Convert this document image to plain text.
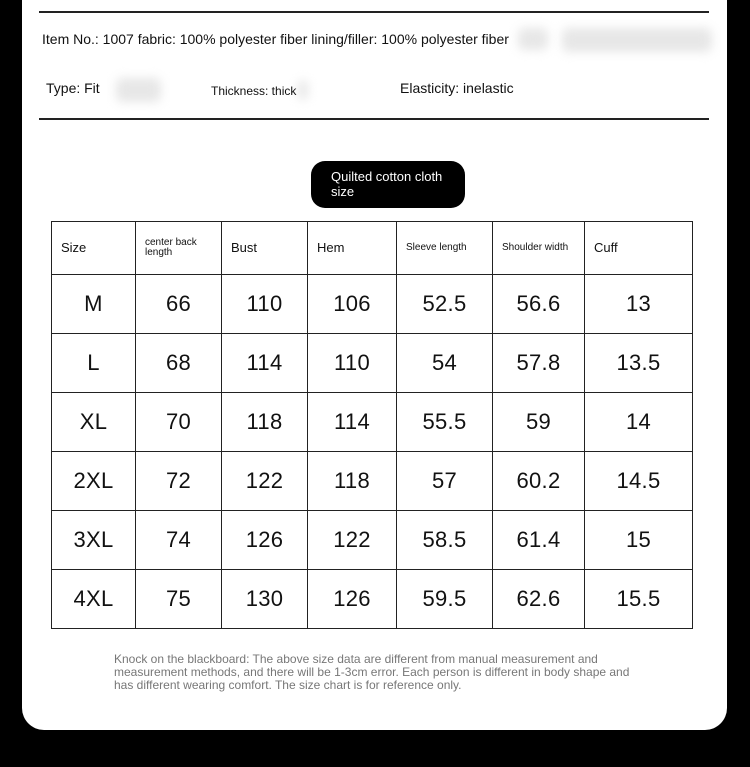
Item No.: 1007 fabric: 100% polyester fiber lining/filler: 100% polyester fiber
Type: Fit	Thickness: thick	Elasticity: inelastic
Quilted cotton cloth size
Size	center back length	Bust	Hem	Sleeve length	Shoulder width	Cuff
M	66	110	106	52.5	56.6	13
L	68	114	110	54	57.8	13.5
XL	70	118	114	55.5	59	14
2XL	72	122	118	57	60.2	14.5
3XL	74	126	122	58.5	61.4	15
4XL	75	130	126	59.5	62.6	15.5
Knock on the blackboard: The above size data are different from manual measurement and measurement methods, and there will be 1-3cm error. Each person is different in body shape and has different wearing comfort. The size chart is for reference only.
